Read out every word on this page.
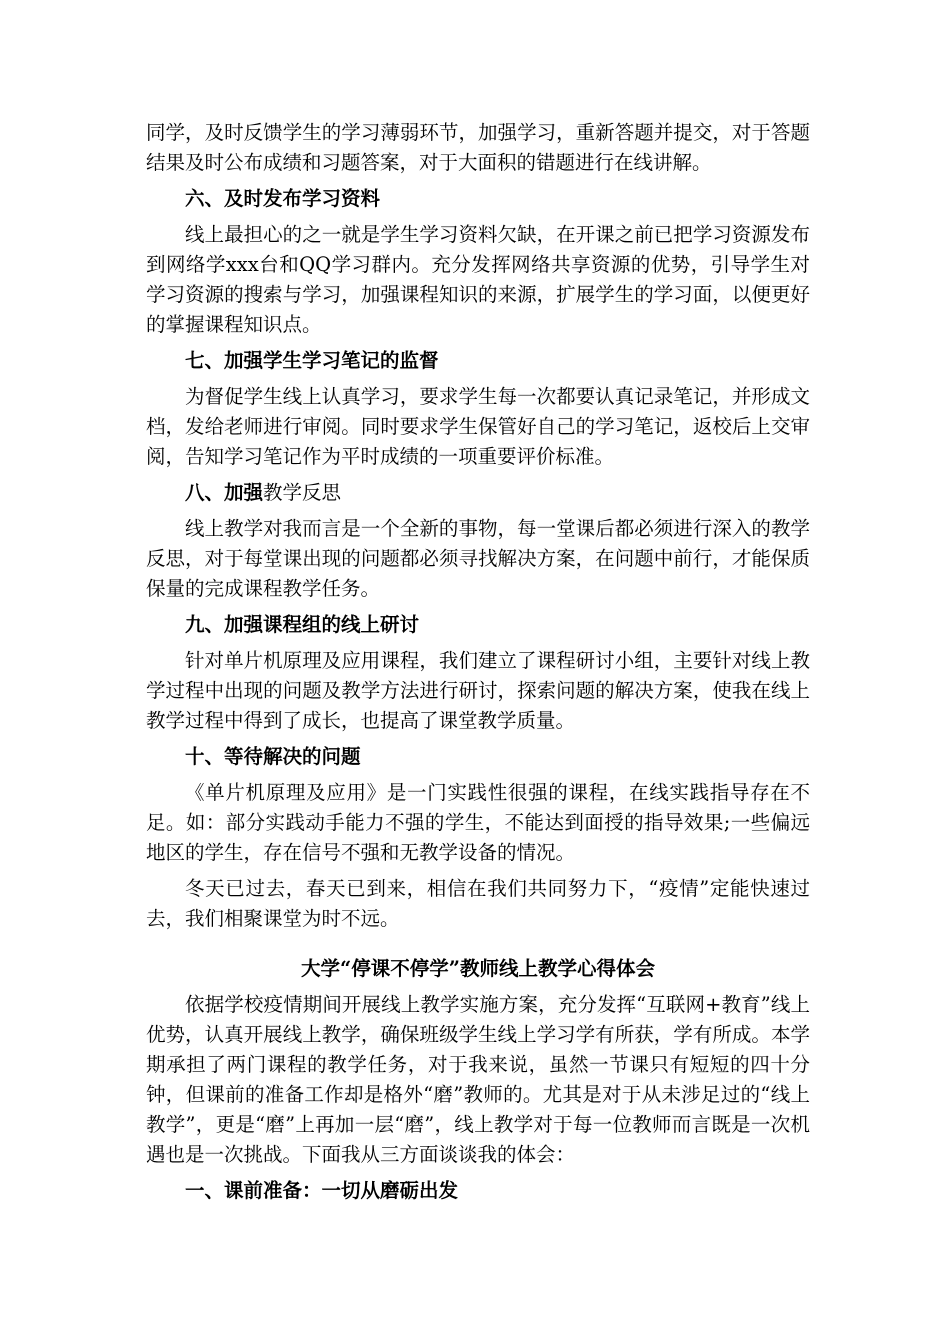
同学，及时反馈学生的学习薄弱环节，加强学习，重新答题并提交，对于答题结果及时公布成绩和习题答案，对于大面积的错题进行在线讲解。

六、及时发布学习资料

线上最担心的之一就是学生学习资料欠缺，在开课之前已把学习资源发布到网络学xxx台和QQ学习群内。充分发挥网络共享资源的优势，引导学生对学习资源的搜索与学习，加强课程知识的来源，扩展学生的学习面，以便更好的掌握课程知识点。

七、加强学生学习笔记的监督

为督促学生线上认真学习，要求学生每一次都要认真记录笔记，并形成文档，发给老师进行审阅。同时要求学生保管好自己的学习笔记，返校后上交审阅，告知学习笔记作为平时成绩的一项重要评价标准。

八、加强教学反思

线上教学对我而言是一个全新的事物，每一堂课后都必须进行深入的教学反思，对于每堂课出现的问题都必须寻找解决方案，在问题中前行，才能保质保量的完成课程教学任务。

九、加强课程组的线上研讨

针对单片机原理及应用课程，我们建立了课程研讨小组，主要针对线上教学过程中出现的问题及教学方法进行研讨，探索问题的解决方案，使我在线上教学过程中得到了成长，也提高了课堂教学质量。

十、等待解决的问题

《单片机原理及应用》是一门实践性很强的课程，在线实践指导存在不足。如：部分实践动手能力不强的学生，不能达到面授的指导效果;一些偏远地区的学生，存在信号不强和无教学设备的情况。

冬天已过去，春天已到来，相信在我们共同努力下，“疫情”定能快速过去，我们相聚课堂为时不远。

大学“停课不停学”教师线上教学心得体会

依据学校疫情期间开展线上教学实施方案，充分发挥“互联网+教育”线上优势，认真开展线上教学，确保班级学生线上学习学有所获，学有所成。本学期承担了两门课程的教学任务，对于我来说，虽然一节课只有短短的四十分钟，但课前的准备工作却是格外“磨”教师的。尤其是对于从未涉足过的“线上教学”，更是“磨”上再加一层“磨”，线上教学对于每一位教师而言既是一次机遇也是一次挑战。下面我从三方面谈谈我的体会：

一、课前准备：一切从磨砺出发
